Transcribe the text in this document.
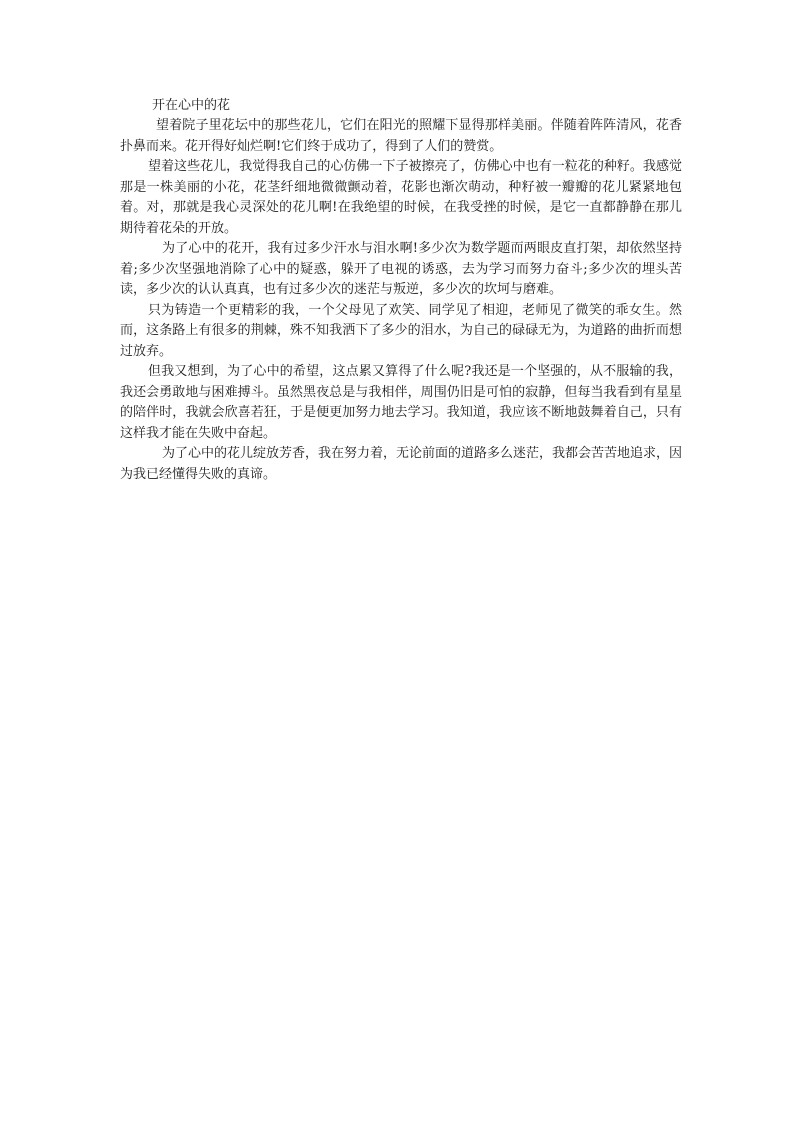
开在心中的花

望着院子里花坛中的那些花儿，它们在阳光的照耀下显得那样美丽。伴随着阵阵清风，花香扑鼻而来。花开得好灿烂啊!它们终于成功了，得到了人们的赞赏。

望着这些花儿，我觉得我自己的心仿佛一下子被擦亮了，仿佛心中也有一粒花的种籽。我感觉那是一株美丽的小花，花茎纤细地微微颤动着，花影也渐次萌动，种籽被一瓣瓣的花儿紧紧地包着。对，那就是我心灵深处的花儿啊!在我绝望的时候，在我受挫的时候，是它一直都静静在那儿期待着花朵的开放。

为了心中的花开，我有过多少汗水与泪水啊!多少次为数学题而两眼皮直打架，却依然坚持着;多少次坚强地消除了心中的疑惑，躲开了电视的诱惑，去为学习而努力奋斗;多少次的埋头苦读，多少次的认认真真，也有过多少次的迷茫与叛逆，多少次的坎坷与磨难。

只为铸造一个更精彩的我，一个父母见了欢笑、同学见了相迎，老师见了微笑的乖女生。然而，这条路上有很多的荆棘，殊不知我洒下了多少的泪水，为自己的碌碌无为，为道路的曲折而想过放弃。

但我又想到，为了心中的希望，这点累又算得了什么呢?我还是一个坚强的，从不服输的我，我还会勇敢地与困难搏斗。虽然黑夜总是与我相伴，周围仍旧是可怕的寂静，但每当我看到有星星的陪伴时，我就会欣喜若狂，于是便更加努力地去学习。我知道，我应该不断地鼓舞着自己，只有这样我才能在失败中奋起。

为了心中的花儿绽放芳香，我在努力着，无论前面的道路多么迷茫，我都会苦苦地追求，因为我已经懂得失败的真谛。
